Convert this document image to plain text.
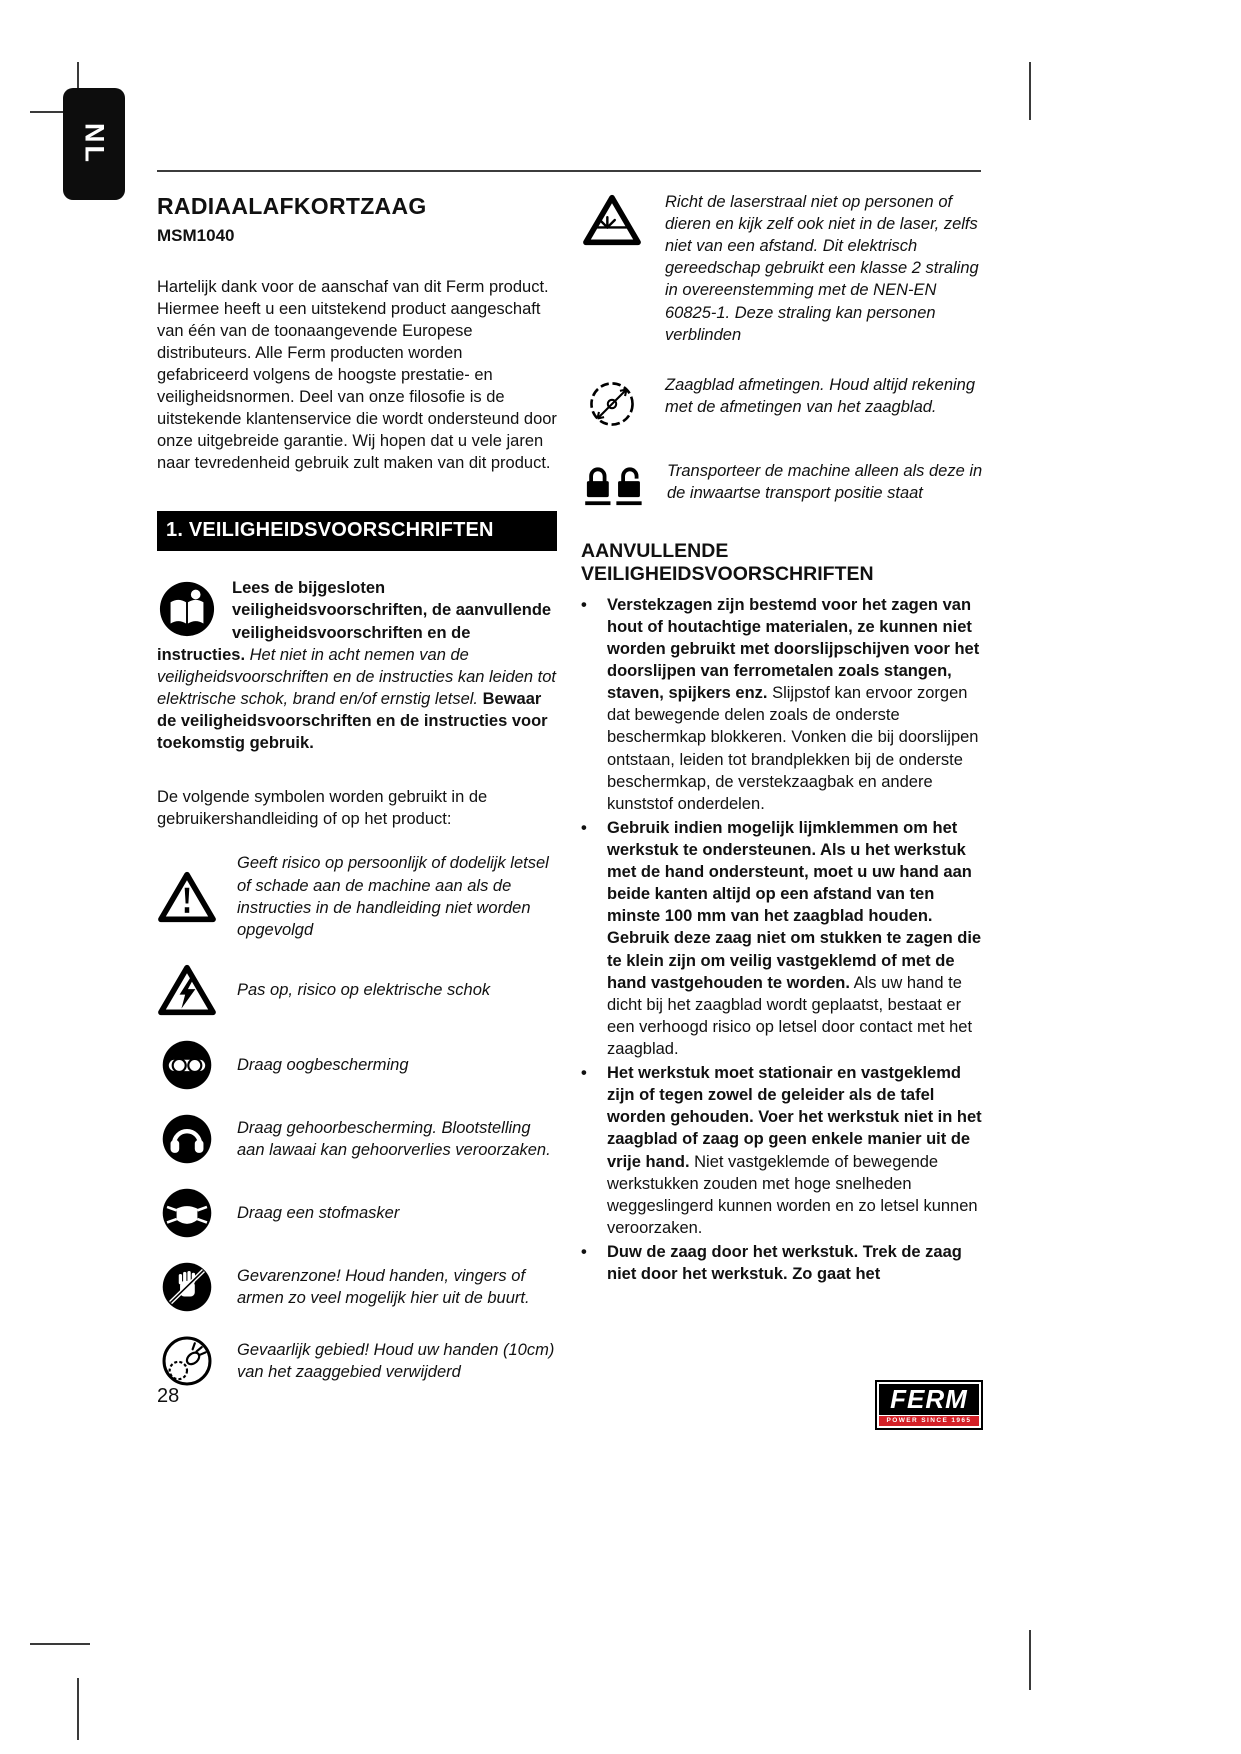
NL
RADIAALAFKORTZAAG
MSM1040

Hartelijk dank voor de aanschaf van dit Ferm product. Hiermee heeft u een uitstekend product aangeschaft van één van de toonaangevende Europese distributeurs. Alle Ferm producten worden gefabriceerd volgens de hoogste prestatie- en veiligheidsnormen. Deel van onze filosofie is de uitstekende klantenservice die wordt ondersteund door onze uitgebreide garantie. Wij hopen dat u vele jaren naar tevredenheid gebruik zult maken van dit product.

1. VEILIGHEIDSVOORSCHRIFTEN

Lees de bijgesloten veiligheidsvoorschriften, de aanvullende veiligheidsvoorschriften en de instructies. Het niet in acht nemen van de veiligheidsvoorschriften en de instructies kan leiden tot elektrische schok, brand en/of ernstig letsel. Bewaar de veiligheidsvoorschriften en de instructies voor toekomstig gebruik.

De volgende symbolen worden gebruikt in de gebruikershandleiding of op het product:

Geeft risico op persoonlijk of dodelijk letsel of schade aan de machine aan als de instructies in de handleiding niet worden opgevolgd

Pas op, risico op elektrische schok

Draag oogbescherming

Draag gehoorbescherming. Blootstelling aan lawaai kan gehoorverlies veroorzaken.

Draag een stofmasker

Gevarenzone! Houd handen, vingers of armen zo veel mogelijk hier uit de buurt.

Gevaarlijk gebied! Houd uw handen (10cm) van het zaaggebied verwijderd

Richt de laserstraal niet op personen of dieren en kijk zelf ook niet in de laser, zelfs niet van een afstand. Dit elektrisch gereedschap gebruikt een klasse 2 straling in overeenstemming met de NEN-EN 60825-1. Deze straling kan personen verblinden

Zaagblad afmetingen. Houd altijd rekening met de afmetingen van het zaagblad.

Transporteer de machine alleen als deze in de inwaartse transport positie staat

AANVULLENDE VEILIGHEIDSVOORSCHRIFTEN
•	Verstekzagen zijn bestemd voor het zagen van hout of houtachtige materialen, ze kunnen niet worden gebruikt met doorslijpschijven voor het doorslijpen van ferrometalen zoals stangen, staven, spijkers enz. Slijpstof kan ervoor zorgen dat bewegende delen zoals de onderste beschermkap blokkeren. Vonken die bij doorslijpen ontstaan, leiden tot brandplekken bij de onderste beschermkap, de verstekzaagbak en andere kunststof onderdelen.

•	Gebruik indien mogelijk lijmklemmen om het werkstuk te ondersteunen. Als u het werkstuk met de hand ondersteunt, moet u uw hand aan beide kanten altijd op een afstand van ten minste 100 mm van het zaagblad houden. Gebruik deze zaag niet om stukken te zagen die te klein zijn om veilig vastgeklemd of met de hand vastgehouden te worden. Als uw hand te dicht bij het zaagblad wordt geplaatst, bestaat er een verhoogd risico op letsel door contact met het zaagblad.

•	Het werkstuk moet stationair en vastgeklemd zijn of tegen zowel de geleider als de tafel worden gehouden. Voer het werkstuk niet in het zaagblad of zaag op geen enkele manier uit de vrije hand. Niet vastgeklemde of bewegende werkstukken zouden met hoge snelheden weggeslingerd kunnen worden en zo letsel kunnen veroorzaken.

•	Duw de zaag door het werkstuk. Trek de zaag niet door het werkstuk. Zo gaat het

28	FERM
POWER SINCE 1965
